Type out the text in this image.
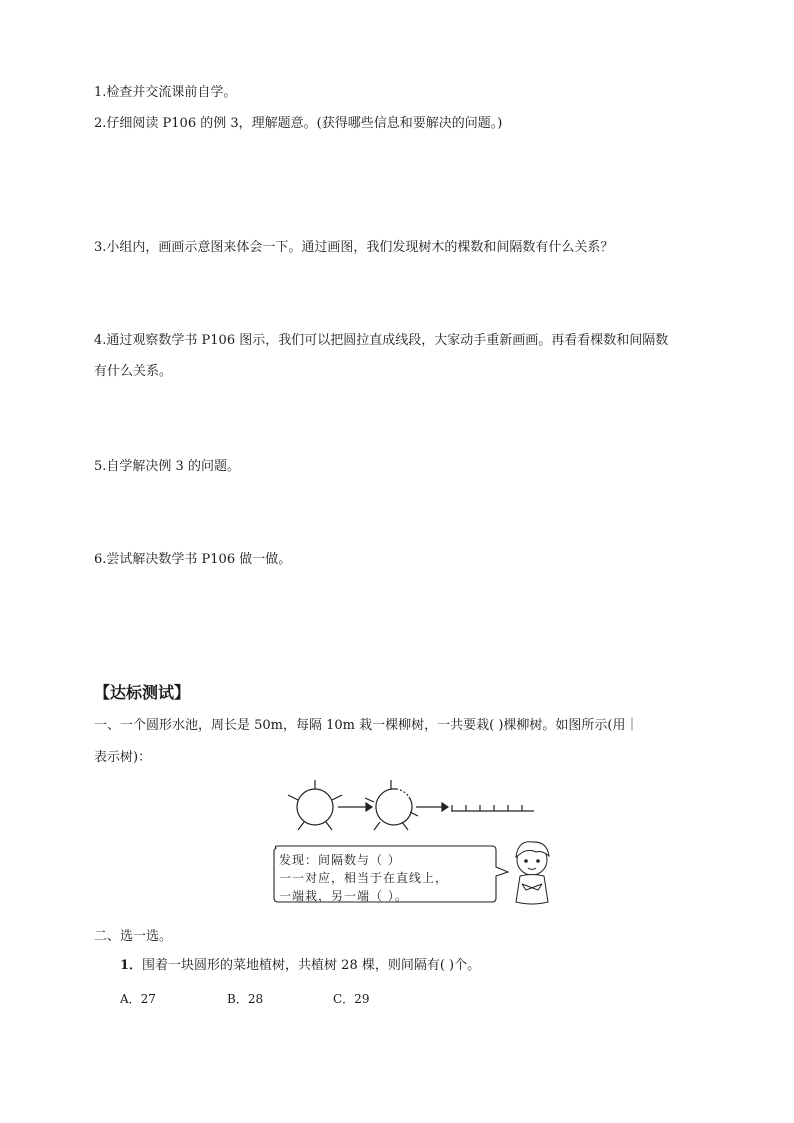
1.检查并交流课前自学。
2.仔细阅读 P106 的例 3，理解题意。(获得哪些信息和要解决的问题。)
3.小组内，画画示意图来体会一下。通过画图，我们发现树木的棵数和间隔数有什么关系？
4.通过观察数学书 P106 图示，我们可以把圆拉直成线段，大家动手重新画画。再看看棵数和间隔数
有什么关系。
5.自学解决例 3 的问题。
6.尝试解决数学书 P106 做一做。
【达标测试】
一、一个圆形水池，周长是 50m，每隔 10m 栽一棵柳树，一共要栽( )棵柳树。如图所示(用｜
表示树)：
发现：间隔数与（ ）
一一对应，相当于在直线上，
一端栽，另一端（ ）。
二、选一选。
1．围着一块圆形的菜地植树，共植树 28 棵，则间隔有( )个。
A．27	B．28	C．29
